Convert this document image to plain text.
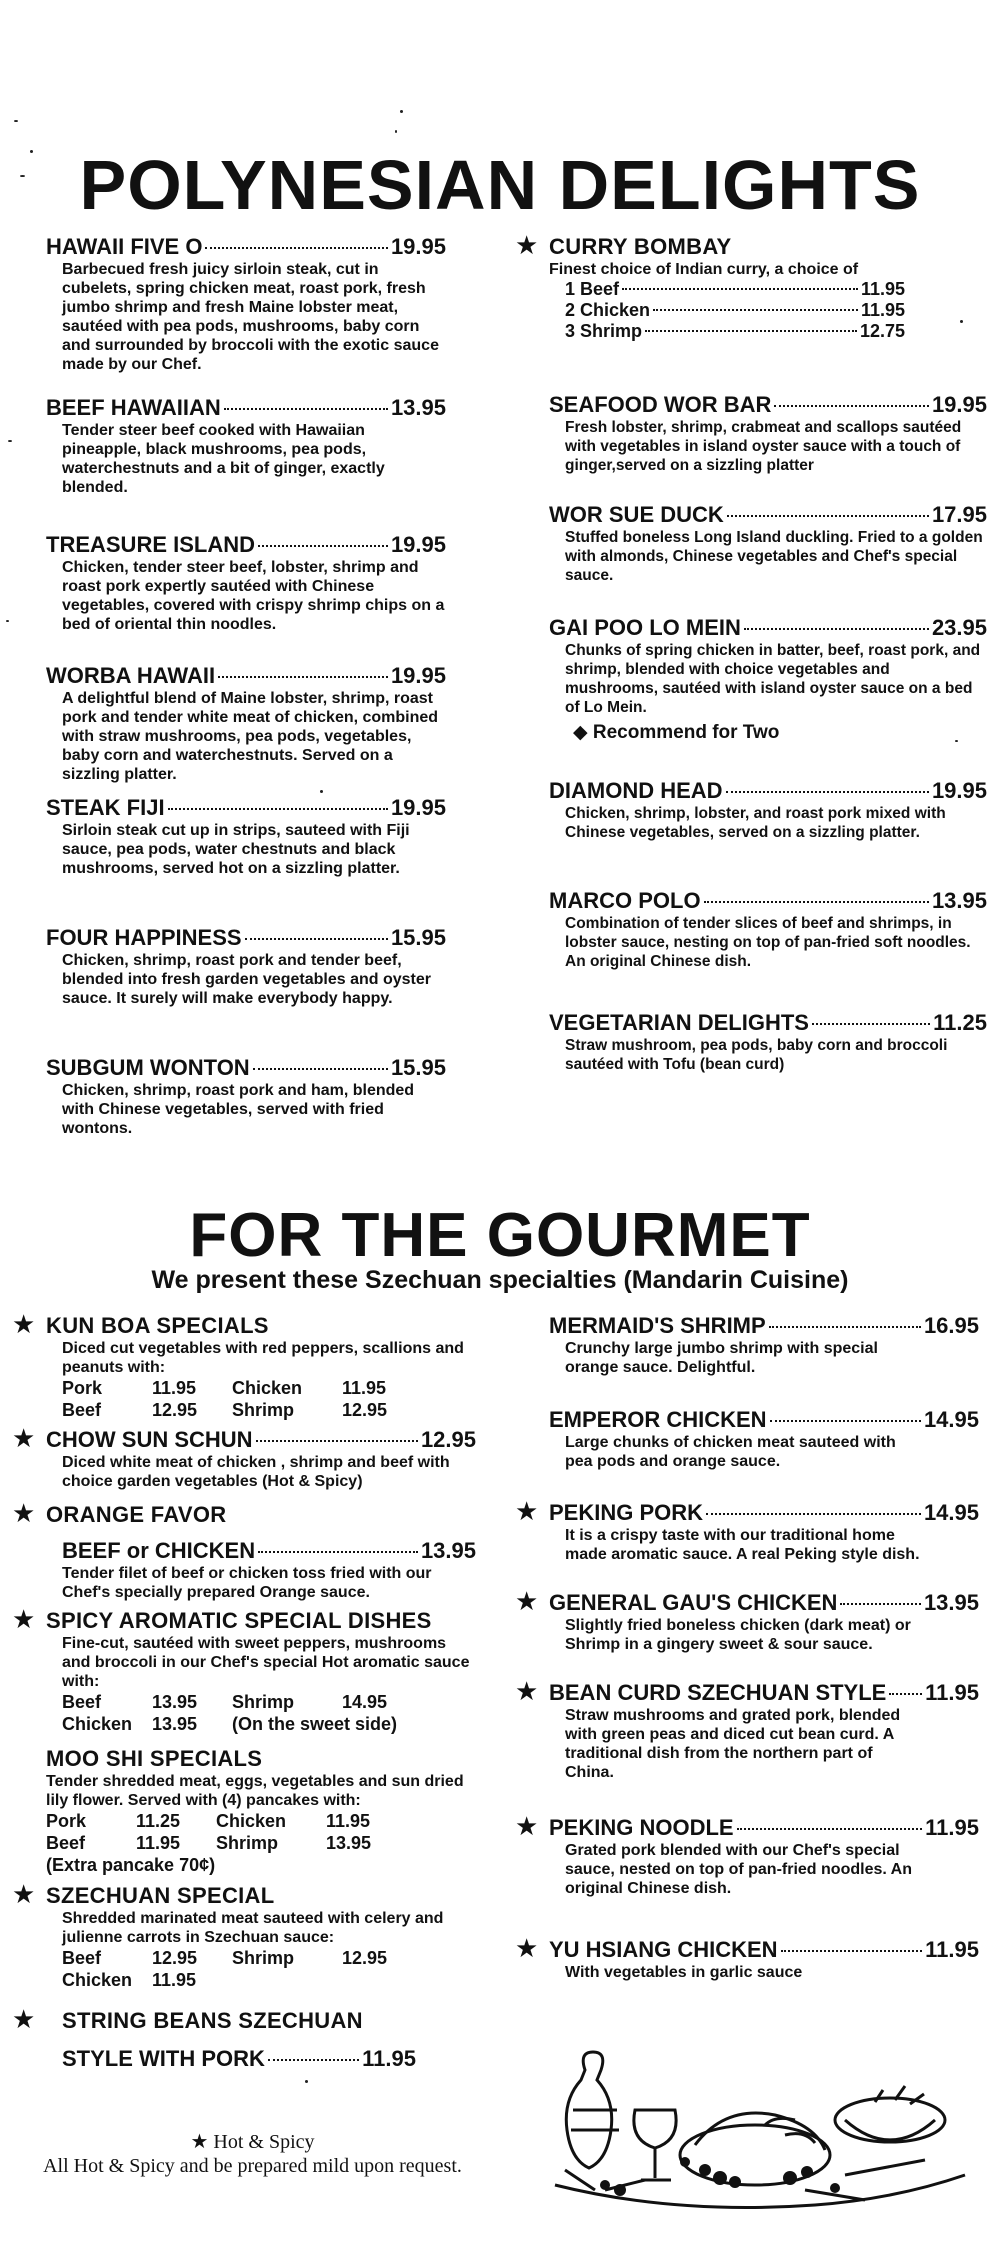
POLYNESIAN DELIGHTS
HAWAII FIVE O	19.95
Barbecued fresh juicy sirloin steak, cut in cubelets, spring chicken meat, roast pork, fresh jumbo shrimp and fresh Maine lobster meat, sautéed with pea pods, mushrooms, baby corn and surrounded by broccoli with the exotic sauce made by our Chef.
BEEF HAWAIIAN	13.95
Tender steer beef cooked with Hawaiian pineapple, black mushrooms, pea pods, waterchestnuts and a bit of ginger, exactly blended.
TREASURE ISLAND	19.95
Chicken, tender steer beef, lobster, shrimp and roast pork expertly sautéed with Chinese vegetables, covered with crispy shrimp chips on a bed of oriental thin noodles.
WORBA HAWAII	19.95
A delightful blend of Maine lobster, shrimp, roast pork and tender white meat of chicken, combined with straw mushrooms, pea pods, vegetables, baby corn and waterchestnuts. Served on a sizzling platter.
STEAK FIJI	19.95
Sirloin steak cut up in strips, sauteed with Fiji sauce, pea pods, water chestnuts and black mushrooms, served hot on a sizzling platter.
FOUR HAPPINESS	15.95
Chicken, shrimp, roast pork and tender beef, blended into fresh garden vegetables and oyster sauce. It surely will make everybody happy.
SUBGUM WONTON	15.95
Chicken, shrimp, roast pork and ham, blended with Chinese vegetables, served with fried wontons.
★ CURRY BOMBAY
Finest choice of Indian curry, a choice of
1 Beef	11.95
2 Chicken	11.95
3 Shrimp	12.75
SEAFOOD WOR BAR	19.95
Fresh lobster, shrimp, crabmeat and scallops sautéed with vegetables in island oyster sauce with a touch of ginger,served on a sizzling platter
WOR SUE DUCK	17.95
Stuffed boneless Long Island duckling. Fried to a golden with almonds, Chinese vegetables and Chef's special sauce.
GAI POO LO MEIN	23.95
Chunks of spring chicken in batter, beef, roast pork, and shrimp, blended with choice vegetables and mushrooms, sautéed with island oyster sauce on a bed of Lo Mein.
◆ Recommend for Two
DIAMOND HEAD	19.95
Chicken, shrimp, lobster, and roast pork mixed with Chinese vegetables, served on a sizzling platter.
MARCO POLO	13.95
Combination of tender slices of beef and shrimps, in lobster sauce, nesting on top of pan-fried soft noodles. An original Chinese dish.
VEGETARIAN DELIGHTS	11.25
Straw mushroom, pea pods, baby corn and broccoli sautéed with Tofu (bean curd)
FOR THE GOURMET
We present these Szechuan specialties (Mandarin Cuisine)
★ KUN BOA SPECIALS
Diced cut vegetables with red peppers, scallions and peanuts with:
Pork	11.95	Chicken	11.95
Beef	12.95	Shrimp	12.95
★ CHOW SUN SCHUN	12.95
Diced white meat of chicken , shrimp and beef with choice garden vegetables (Hot & Spicy)
★ ORANGE FAVOR
BEEF or CHICKEN	13.95
Tender filet of beef or chicken toss fried with our Chef's specially prepared Orange sauce.
★ SPICY AROMATIC SPECIAL DISHES
Fine-cut, sautéed with sweet peppers, mushrooms and broccoli in our Chef's special Hot aromatic sauce with:
Beef	13.95	Shrimp	14.95
Chicken	13.95	(On the sweet side)
MOO SHI SPECIALS
Tender shredded meat, eggs, vegetables and sun dried lily flower. Served with (4) pancakes with:
Pork	11.25	Chicken	11.95
Beef	11.95	Shrimp	13.95
(Extra pancake 70¢)
★ SZECHUAN SPECIAL
Shredded marinated meat sauteed with celery and julienne carrots in Szechuan sauce:
Beef	12.95	Shrimp	12.95
Chicken	11.95
★ STRING BEANS SZECHUAN
STYLE WITH PORK	11.95
MERMAID'S SHRIMP	16.95
Crunchy large jumbo shrimp with special orange sauce. Delightful.
EMPEROR CHICKEN	14.95
Large chunks of chicken meat sauteed with pea pods and orange sauce.
★ PEKING PORK	14.95
It is a crispy taste with our traditional home made aromatic sauce. A real Peking style dish.
★ GENERAL GAU'S CHICKEN	13.95
Slightly fried boneless chicken (dark meat) or Shrimp in a gingery sweet & sour sauce.
★ BEAN CURD SZECHUAN STYLE 11.95
Straw mushrooms and grated pork, blended with green peas and diced cut bean curd. A traditional dish from the northern part of China.
★ PEKING NOODLE	11.95
Grated pork blended with our Chef's special sauce, nested on top of pan-fried noodles. An original Chinese dish.
★ YU HSIANG CHICKEN	11.95
With vegetables in garlic sauce
★ Hot & Spicy
All Hot & Spicy and be prepared mild upon request.
